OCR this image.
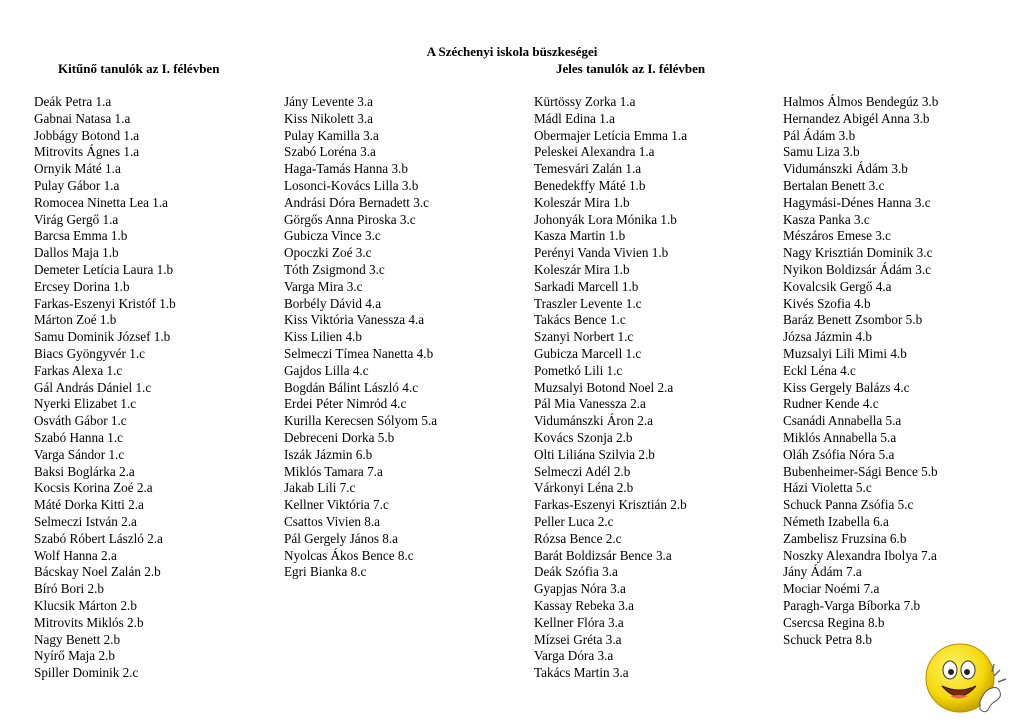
A Széchenyi iskola büszkeségei
Kitűnő tanulók az I. félévben	Jeles tanulók az I. félévben
Deák Petra 1.a
Gabnai Natasa 1.a
Jobbágy Botond 1.a
Mitrovits Ágnes 1.a
Ornyik Máté 1.a
Pulay Gábor 1.a
Romocea Ninetta Lea 1.a
Virág Gergő 1.a
Barcsa Emma 1.b
Dallos Maja 1.b
Demeter Letícia Laura 1.b
Ercsey Dorina 1.b
Farkas-Eszenyi Kristóf 1.b
Márton Zoé 1.b
Samu Dominik József 1.b
Biacs Gyöngyvér 1.c
Farkas Alexa 1.c
Gál András Dániel 1.c
Nyerki Elizabet 1.c
Osváth Gábor 1.c
Szabó Hanna 1.c
Varga Sándor 1.c
Baksi Boglárka 2.a
Kocsis Korina Zoé 2.a
Máté Dorka Kitti 2.a
Selmeczi István 2.a
Szabó Róbert László 2.a
Wolf Hanna 2.a
Bácskay Noel Zalán 2.b
Bíró Bori 2.b
Klucsik Márton 2.b
Mitrovits Miklós 2.b
Nagy Benett 2.b
Nyírő Maja 2.b
Spiller Dominik 2.c
Jány Levente 3.a
Kiss Nikolett 3.a
Pulay Kamilla 3.a
Szabó Loréna 3.a
Haga-Tamás Hanna 3.b
Losonci-Kovács Lilla 3.b
Andrási Dóra Bernadett 3.c
Görgős Anna Piroska 3.c
Gubicza Vince 3.c
Opoczki Zoé 3.c
Tóth Zsigmond 3.c
Varga Mira 3.c
Borbély Dávid 4.a
Kiss Viktória Vanessza 4.a
Kiss Lilien 4.b
Selmeczi Tímea Nanetta 4.b
Gajdos Lilla 4.c
Bogdán Bálint László 4.c
Erdei Péter Nimród 4.c
Kurilla Kerecsen Sólyom 5.a
Debreceni Dorka 5.b
Iszák Jázmin 6.b
Miklós Tamara 7.a
Jakab Lili 7.c
Kellner Viktória 7.c
Csattos Vivien 8.a
Pál Gergely János 8.a
Nyolcas Ákos Bence 8.c
Egri Bianka 8.c
Kürtössy Zorka 1.a
Mádl Edina 1.a
Obermajer Letícia Emma 1.a
Peleskei Alexandra 1.a
Temesvári Zalán 1.a
Benedekffy Máté 1.b
Koleszár Mira 1.b
Johonyák Lora Mónika 1.b
Kasza Martin 1.b
Perényi Vanda Vivien 1.b
Koleszár Mira 1.b
Sarkadi Marcell 1.b
Traszler Levente 1.c
Takács Bence 1.c
Szanyi Norbert 1.c
Gubicza Marcell 1.c
Pometkó Lili 1.c
Muzsalyi Botond Noel 2.a
Pál Mia Vanessza 2.a
Vidumánszki Áron 2.a
Kovács Szonja 2.b
Olti Liliána Szilvia 2.b
Selmeczi Adél 2.b
Várkonyi Léna 2.b
Farkas-Eszenyi Krisztián 2.b
Peller Luca 2.c
Rózsa Bence 2.c
Barát Boldizsár Bence 3.a
Deák Szófia 3.a
Gyapjas Nóra 3.a
Kassay Rebeka 3.a
Kellner Flóra 3.a
Mízsei Gréta 3.a
Varga Dóra 3.a
Takács Martin 3.a
Halmos Álmos Bendegúz 3.b
Hernandez Abigél Anna 3.b
Pál Ádám 3.b
Samu Liza 3.b
Vidumánszki Ádám 3.b
Bertalan Benett 3.c
Hagymási-Dénes Hanna 3.c
Kasza Panka 3.c
Mészáros Emese 3.c
Nagy Krisztián Dominik 3.c
Nyikon Boldizsár Ádám 3.c
Kovalcsik Gergő 4.a
Kivés Szofia 4.b
Baráz Benett Zsombor 5.b
Józsa Jázmin 4.b
Muzsalyi Lili Mimi 4.b
Eckl Léna 4.c
Kiss Gergely Balázs 4.c
Rudner Kende 4.c
Csanádi Annabella 5.a
Miklós Annabella 5.a
Oláh Zsófia Nóra 5.a
Bubenheimer-Sági Bence 5.b
Házi Violetta 5.c
Schuck Panna Zsófia 5.c
Németh Izabella 6.a
Zambelisz Fruzsina 6.b
Noszky Alexandra Ibolya 7.a
Jány Ádám 7.a
Mociar Noémi 7.a
Paragh-Varga Bíborka 7.b
Csercsa Regina 8.b
Schuck Petra 8.b
